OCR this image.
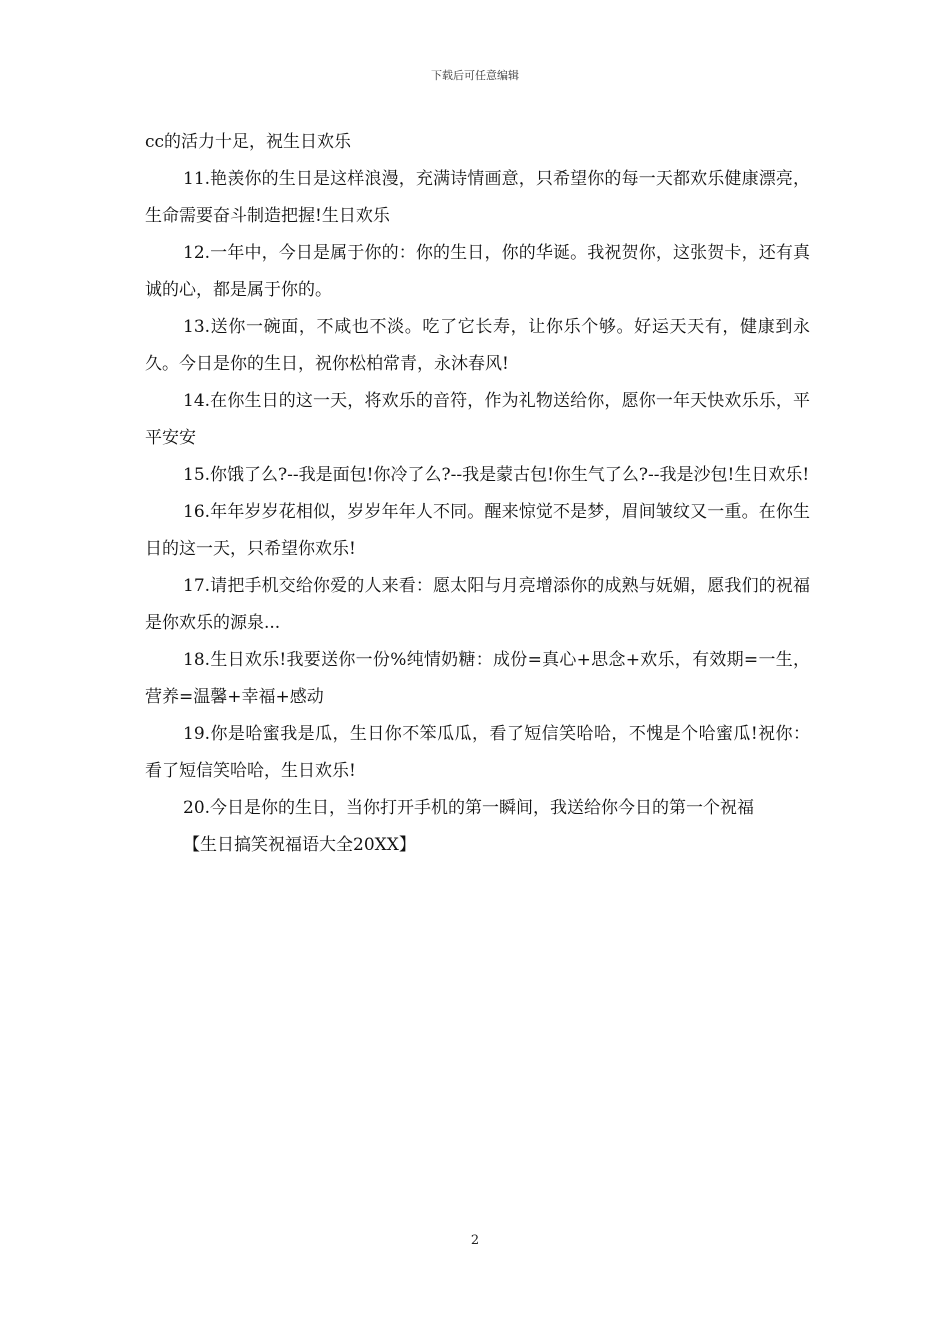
下载后可任意编辑

cc的活力十足，祝生日欢乐

11.艳羡你的生日是这样浪漫，充满诗情画意，只希望你的每一天都欢乐健康漂亮，生命需要奋斗制造把握!生日欢乐

12.一年中，今日是属于你的：你的生日，你的华诞。我祝贺你，这张贺卡，还有真诚的心，都是属于你的。

13.送你一碗面，不咸也不淡。吃了它长寿，让你乐个够。好运天天有，健康到永久。今日是你的生日，祝你松柏常青，永沐春风!

14.在你生日的这一天，将欢乐的音符，作为礼物送给你，愿你一年天快欢乐乐，平平安安

15.你饿了么?--我是面包!你冷了么?--我是蒙古包!你生气了么?--我是沙包!生日欢乐!

16.年年岁岁花相似，岁岁年年人不同。醒来惊觉不是梦，眉间皱纹又一重。在你生日的这一天，只希望你欢乐!

17.请把手机交给你爱的人来看：愿太阳与月亮增添你的成熟与妩媚，愿我们的祝福是你欢乐的源泉...

18.生日欢乐!我要送你一份%纯情奶糖：成份=真心+思念+欢乐，有效期=一生，营养=温馨+幸福+感动

19.你是哈蜜我是瓜，生日你不笨瓜瓜，看了短信笑哈哈，不愧是个哈蜜瓜!祝你：看了短信笑哈哈，生日欢乐!

20.今日是你的生日，当你打开手机的第一瞬间，我送给你今日的第一个祝福

【生日搞笑祝福语大全20XX】

2
